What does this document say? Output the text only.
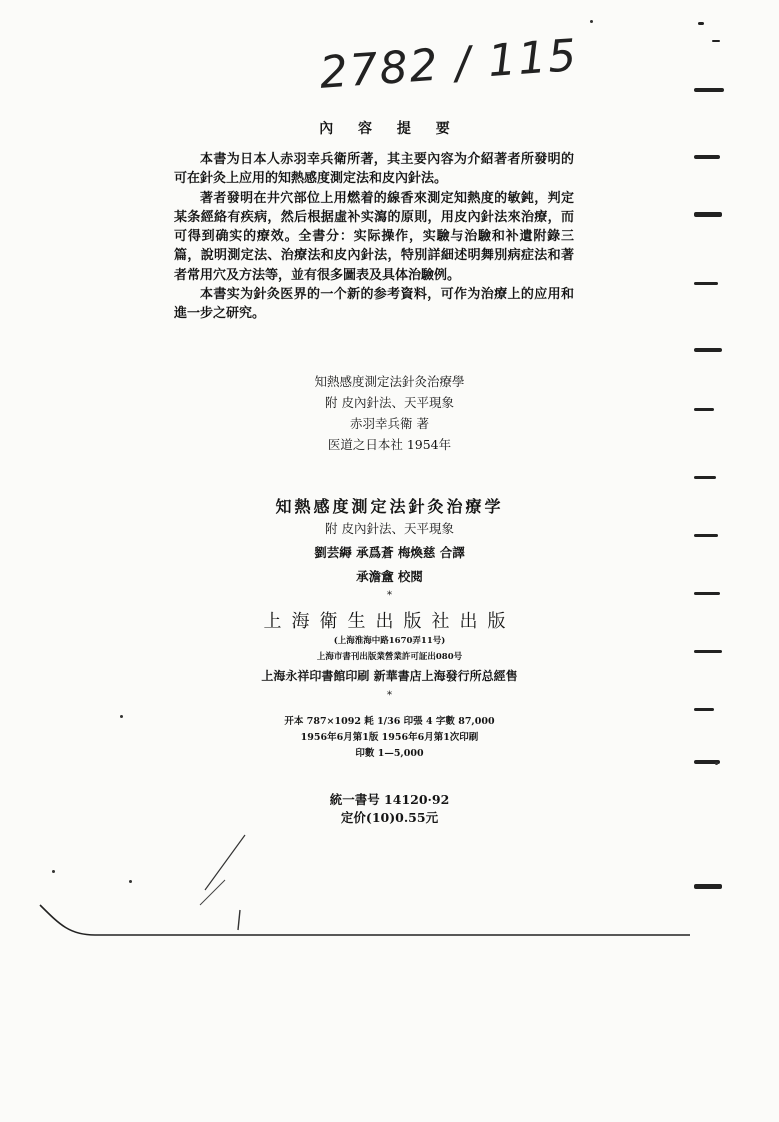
2782 / 115
內 容 提 要

本書为日本人赤羽幸兵衛所著，其主要內容为介紹著者所發明的可在針灸上应用的知熱感度測定法和皮內針法。

著者發明在井穴部位上用燃着的線香來測定知熱度的敏鈍，判定某条經絡有疾病，然后根据虛补实瀉的原則，用皮內針法來治療，而可得到确实的療效。全書分：实际操作，实驗与治驗和补遺附錄三篇，說明測定法、治療法和皮內針法，特別詳細述明舞別病症法和著者常用穴及方法等，並有很多圖表及具体治驗例。

本書实为針灸医界的一个新的参考資料，可作为治療上的应用和進一步之研究。

知熱感度測定法針灸治療學
附 皮內針法、天平現象
赤羽幸兵衛 著
医道之日本社 1954年
知熱感度測定法針灸治療学
附 皮內針法、天平現象
劉芸縟 承爲蒼 梅煥慈 合譯
承澹盦 校閱
*
上海衛生出版社出版
(上海淮海中路1670弄11号)
上海市書刊出版業營業許可証出080号
上海永祥印書館印刷 新華書店上海發行所总經售
*
开本 787×1092 耗 1/36 印張 4 字數 87,000
1956年6月第1版 1956年6月第1次印刷
印數 1—5,000
統一書号 14120·92
定价(10)0.55元
